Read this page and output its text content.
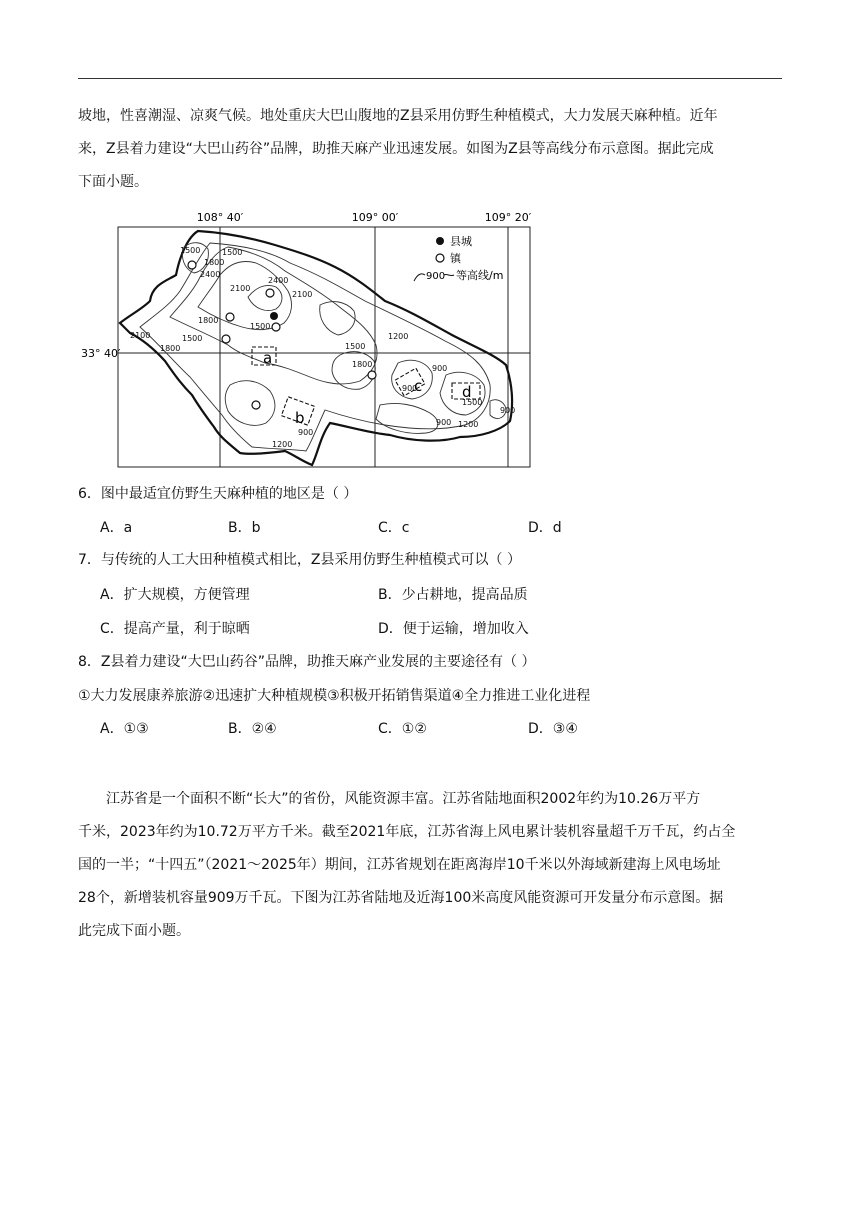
坡地，性喜潮湿、凉爽气候。地处重庆大巴山腹地的Z县采用仿野生种植模式，大力发展天麻种植。近年

来，Z县着力建设“大巴山药谷”品牌，助推天麻产业迅速发展。如图为Z县等高线分布示意图。据此完成

下面小题。

108° 40′	109° 00′	109° 20′
33° 40′	a
b
c	d
1500	1500
1800
2400
2100
2400
2100
1800
1500
2100
1800
1500
1500
1200
1800	900
900
1500
900 1200
900
1200
900
县城
镇
900 等高线/m
6．图中最适宜仿野生天麻种植的地区是（ ）
A．a	B．b	C．c	D．d
7．与传统的人工大田种植模式相比，Z县采用仿野生种植模式可以（ ）
A．扩大规模，方便管理	B．少占耕地，提高品质
C．提高产量，利于晾晒	D．便于运输，增加收入
8．Z县着力建设“大巴山药谷”品牌，助推天麻产业发展的主要途径有（ ）
①大力发展康养旅游②迅速扩大种植规模③积极开拓销售渠道④全力推进工业化进程
A．①③	B．②④	C．①②	D．③④

江苏省是一个面积不断“长大”的省份，风能资源丰富。江苏省陆地面积2002年约为10.26万平方

千米，2023年约为10.72万平方千米。截至2021年底，江苏省海上风电累计装机容量超千万千瓦，约占全

国的一半；“十四五”（2021～2025年）期间，江苏省规划在距离海岸10千米以外海域新建海上风电场址

28个，新增装机容量909万千瓦。下图为江苏省陆地及近海100米高度风能资源可开发量分布示意图。据

此完成下面小题。
